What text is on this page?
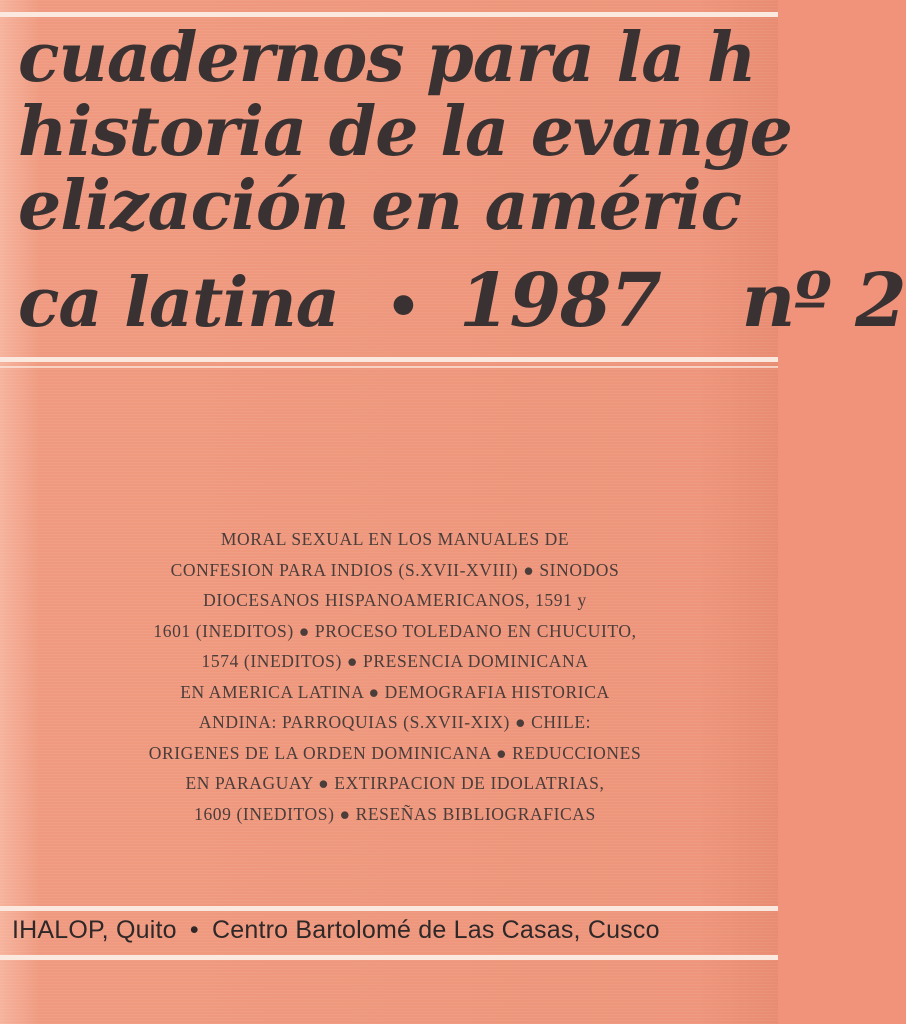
cuadernos para la h
historia de la evange
elización en améric
ca latina • 1987 nº 2
MORAL SEXUAL EN LOS MANUALES DE
CONFESION PARA INDIOS (S.XVII-XVIII) ● SINODOS
DIOCESANOS HISPANOAMERICANOS, 1591 y
1601 (INEDITOS) ● PROCESO TOLEDANO EN CHUCUITO,
1574 (INEDITOS) ● PRESENCIA DOMINICANA
EN AMERICA LATINA ● DEMOGRAFIA HISTORICA
ANDINA: PARROQUIAS (S.XVII-XIX) ● CHILE:
ORIGENES DE LA ORDEN DOMINICANA ● REDUCCIONES
EN PARAGUAY ● EXTIRPACION DE IDOLATRIAS,
1609 (INEDITOS) ● RESEÑAS BIBLIOGRAFICAS
IHALOP, Quito • Centro Bartolomé de Las Casas, Cusco
